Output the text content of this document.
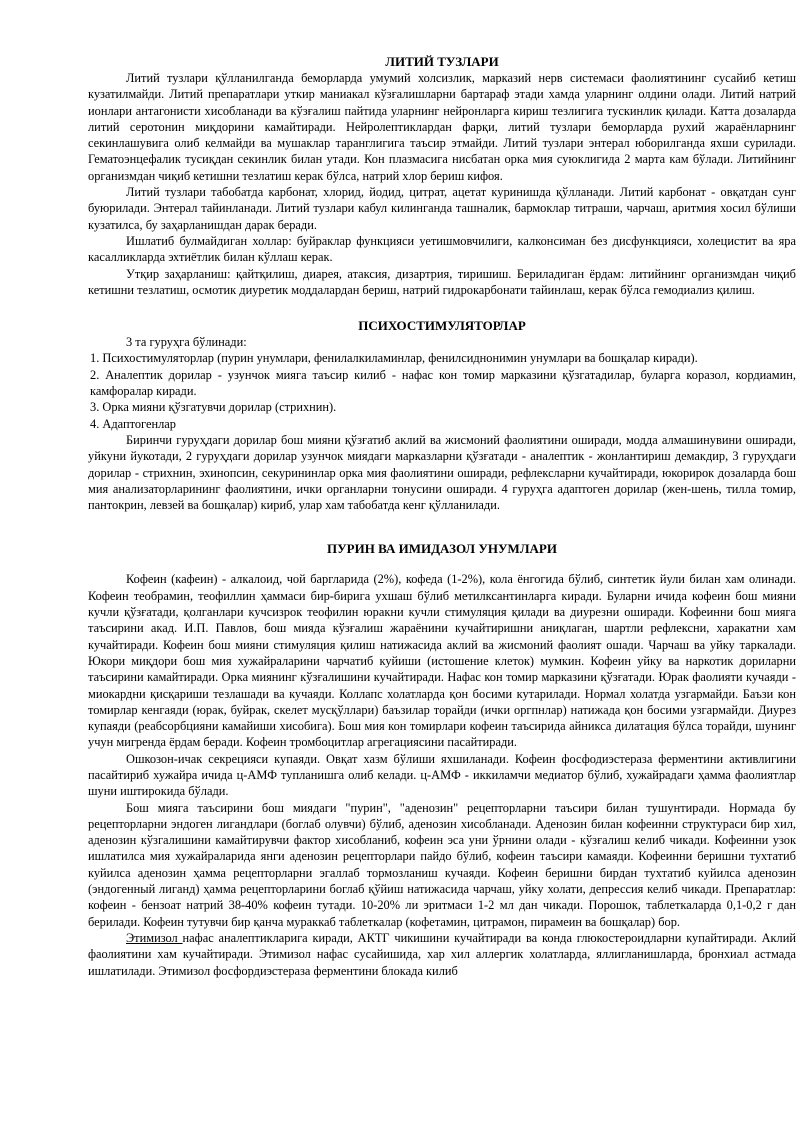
ЛИТИЙ ТУЗЛАРИ

Литий тузлари қўлланилганда беморларда умумий холсизлик, марказий нерв системаси фаолиятининг сусайиб кетиш кузатилмайди. Литий препаратлари уткир маниакал кўзғалишларни бартараф этади хамда уларнинг олдини олади. Литий натрий ионлари антагонисти хисобланади ва кўзғалиш пайтида уларнинг нейронларга кириш тезлигига тускинлик қилади. Катта дозаларда литий серотонин миқдорини камайтиради. Нейролептиклардан фарқи, литий тузлари беморларда рухий жараёнларнинг секинлашувига олиб келмайди ва мушаклар таранглигига таъсир этмайди. Литий тузлари энтерал юборилганда яхши сурилади. Гематоэнцефалик тусиқдан секинлик билан утади. Кон плазмасига нисбатан орка мия суюклигида 2 марта кам бўлади. Литийнинг организмдан чиқиб кетишни тезлатиш керак бўлса, натрий хлор бериш кифоя.

Литий тузлари табобатда карбонат, хлорид, йодид, цитрат, ацетат куринишда қўлланади. Литий карбонат - овқатдан сунг буюрилади. Энтерал тайинланади. Литий тузлари кабул килинганда ташналик, бармоклар титраши, чарчаш, аритмия хосил бўлиши кузатилса, бу заҳарланишдан дарак беради.

Ишлатиб булмайдиган холлар: буйраклар функцияси уетишмовчилиги, калконсиман без дисфункцияси, холецистит ва яра касалликларда эхтиётлик билан кўллаш керак.

Утқир заҳарланиш: қайтқилиш, диарея, атаксия, дизартрия, тиришиш. Бериладиган ёрдам: литийнинг организмдан чиқиб кетишни тезлатиш, осмотик диуретик моддалардан бериш, натрий гидрокарбонати тайинлаш, керак бўлса гемодиализ қилиш.

ПСИХОСТИМУЛЯТОРЛАР

3 та гуруҳга бўлинади:

1. Психостимуляторлар (пурин унумлари, фенилалкиламинлар, фенилсиднонимин унумлари ва бошқалар киради).

2. Аналептик дорилар - узунчок мияга таъсир килиб - нафас кон томир марказини қўзгатадилар, буларга коразол, кордиамин, камфоралар киради.

3. Орка мияни қўзгатувчи дорилар (стрихнин).

4. Адаптогенлар

Биринчи гуруҳдаги дорилар бош мияни қўзғатиб аклий ва жисмоний фаолиятини оширади, модда алмашинувини оширади, уйкуни йукотади, 2 гуруҳдаги дорилар узунчок миядаги марказларни қўзғатади - аналептик - жонлантириш демакдир, 3 гуруҳдаги дорилар - стрихнин, эхинопсин, секурининлар орка мия фаолиятини оширади, рефлексларни кучайтиради, юкорирок дозаларда бош мия анализаторларининг фаолиятини, ички органларни тонусини оширади. 4 гуруҳга адаптоген дорилар (жен-шень, тилла томир, пантокрин, левзей ва бошқалар) кириб, улар хам табобатда кенг қўлланилади.

ПУРИН ВА ИМИДАЗОЛ УНУМЛАРИ

Кофеин (кафеин) - алкалоид, чой баргларида (2%), кофеда (1-2%), кола ёнгогида бўлиб, синтетик йули билан хам олинади. Кофеин теобрамин, теофиллин ҳаммаси бир-бирига ухшаш бўлиб метилксантинларга киради. Буларни ичида кофеин бош мияни кучли қўзғатади, қолганлари кучсизрок теофилин юракни кучли стимуляция қилади ва диурезни оширади. Кофеинни бош мияга таъсирини акад. И.П. Павлов, бош мияда кўзғалиш жараёнини кучайтиришни аниқлаган, шартли рефлексни, харакатни хам кучайтиради. Кофеин бош мияни стимуляция қилиш натижасида аклий ва жисмоний фаолият ошади. Чарчаш ва уйку таркалади. Юкори миқдори бош мия хужайраларини чарчатиб куйиши (истошение клеток) мумкин. Кофеин уйку ва наркотик дориларни таъсирини камайтиради. Орка миянинг кўзғалишини кучайтиради. Нафас кон томир марказини қўзғатади. Юрак фаолияти кучаяди - миокардни қисқариши тезлашади ва кучаяди. Коллапс холатларда қон босими кутарилади. Нормал холатда узгармайди. Баъзи кон томирлар кенгаяди (юрак, буйрак, скелет мусқўллари) баъзилар торайди (ички оргпнлар) натижада қон босими узгармайди. Диурез купаяди (реабсорбцияни камайиши хисобига). Бош мия кон томирлари кофеин таъсирида айникса дилатация бўлса торайди, шунинг учун мигренда ёрдам беради. Кофеин тромбоцитлар агрегациясини пасайтиради.

Ошкозон-ичак секрецияси купаяди. Овқат хазм бўлиши яхшиланади. Кофеин фосфодиэстераза ферментини активлигини пасайтириб хужайра ичида ц-АМФ тупланишга олиб келади. ц-АМФ - иккиламчи медиатор бўлиб, хужайрадаги ҳамма фаолиятлар шуни иштирокида бўлади.

Бош мияга таъсирини бош миядаги "пурин", "аденозин" рецепторларни таъсири билан тушунтиради. Нормада бу рецепторларни эндоген лигандлари (боглаб олувчи) бўлиб, аденозин хисобланади. Аденозин билан кофеинни структураси бир хил, аденозин кўзгалишини камайтирувчи фактор хисобланиб, кофеин эса уни ўрнини олади - кўзғалиш келиб чикади. Кофеинни узок ишлатилса мия хужайраларида янги аденозин рецепторлари пайдо бўлиб, кофеин таъсири камаяди. Кофеинни беришни тухтатиб куйилса аденозин ҳамма рецепторларни эгаллаб тормозланиш кучаяди. Кофеин беришни бирдан тухтатиб куйилса аденозин (эндогенный лиганд) ҳамма рецепторларини боглаб қўйиш натижасида чарчаш, уйку холати, депрессия келиб чикади. Препаратлар: кофеин - бензоат натрий 38-40% кофеин тутади. 10-20% ли эритмаси 1-2 мл дан чикади. Порошок, таблеткаларда 0,1-0,2 г дан берилади. Кофеин тутувчи бир қанча мураккаб таблеткалар (кофетамин, цитрамон, пирамеин ва бошқалар) бор.

Этимизол нафас аналептикларига киради, АКТГ чикишини кучайтиради ва конда глюкостероидларни купайтиради. Аклий фаолиятини хам кучайтиради. Этимизол нафас сусайишида, хар хил аллергик холатларда, яллигланишларда, бронхиал астмада ишлатилади. Этимизол фосфордиэстераза ферментини блокада килиб
